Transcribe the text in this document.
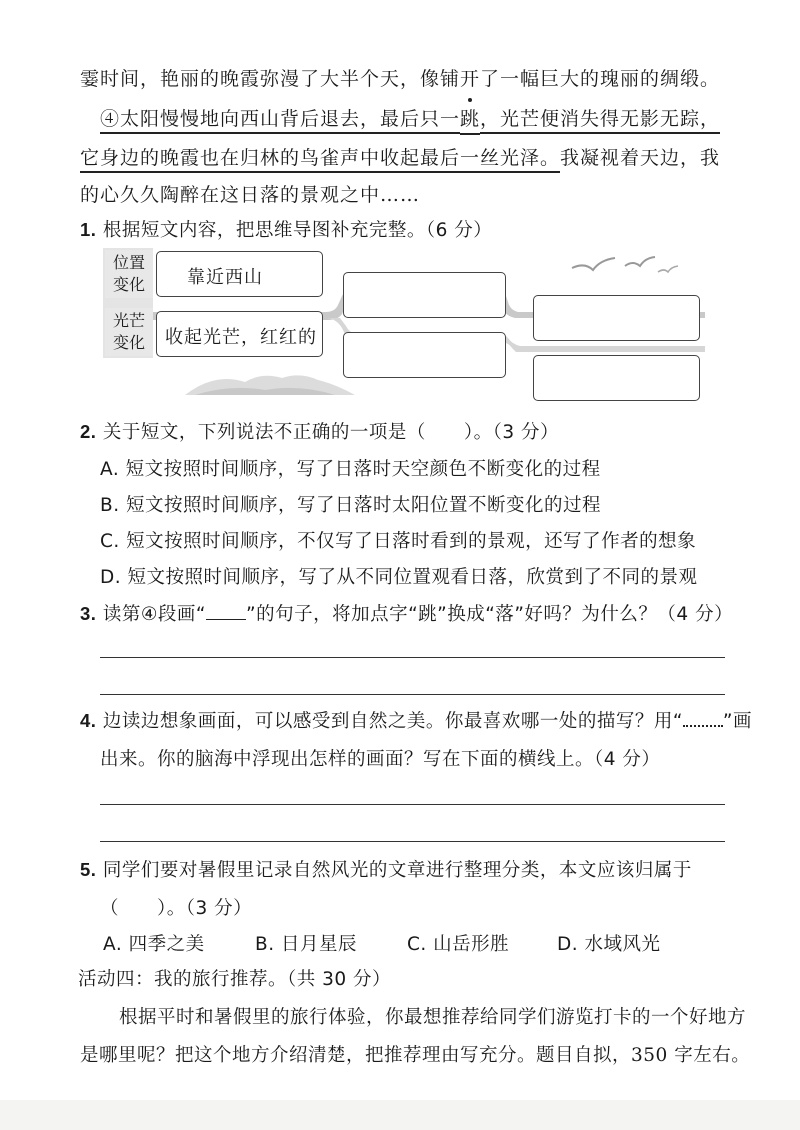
霎时间，艳丽的晚霞弥漫了大半个天，像铺开了一幅巨大的瑰丽的绸缎。
④太阳慢慢地向西山背后退去，最后只一跳，光芒便消失得无影无踪，
它身边的晚霞也在归林的鸟雀声中收起最后一丝光泽。我凝视着天边，我
的心久久陶醉在这日落的景观之中……
1. 根据短文内容，把思维导图补充完整。（6 分）
位置
变化
光芒
变化
靠近西山
收起光芒，红红的
2. 关于短文，下列说法不正确的一项是（　　）。（3 分）
A. 短文按照时间顺序，写了日落时天空颜色不断变化的过程
B. 短文按照时间顺序，写了日落时太阳位置不断变化的过程
C. 短文按照时间顺序，不仅写了日落时看到的景观，还写了作者的想象
D. 短文按照时间顺序，写了从不同位置观看日落，欣赏到了不同的景观
3. 读第④段画“ ”的句子，将加点字“跳”换成“落”好吗？为什么？（4 分）
4. 边读边想象画面，可以感受到自然之美。你最喜欢哪一处的描写？用“ ”画
出来。你的脑海中浮现出怎样的画面？写在下面的横线上。（4 分）
5. 同学们要对暑假里记录自然风光的文章进行整理分类，本文应该归属于
（　　）。（3 分）
A. 四季之美	B. 日月星辰	C. 山岳形胜	D. 水域风光
活动四：我的旅行推荐。（共 30 分）
根据平时和暑假里的旅行体验，你最想推荐给同学们游览打卡的一个好地方
是哪里呢？把这个地方介绍清楚，把推荐理由写充分。题目自拟，350 字左右。
